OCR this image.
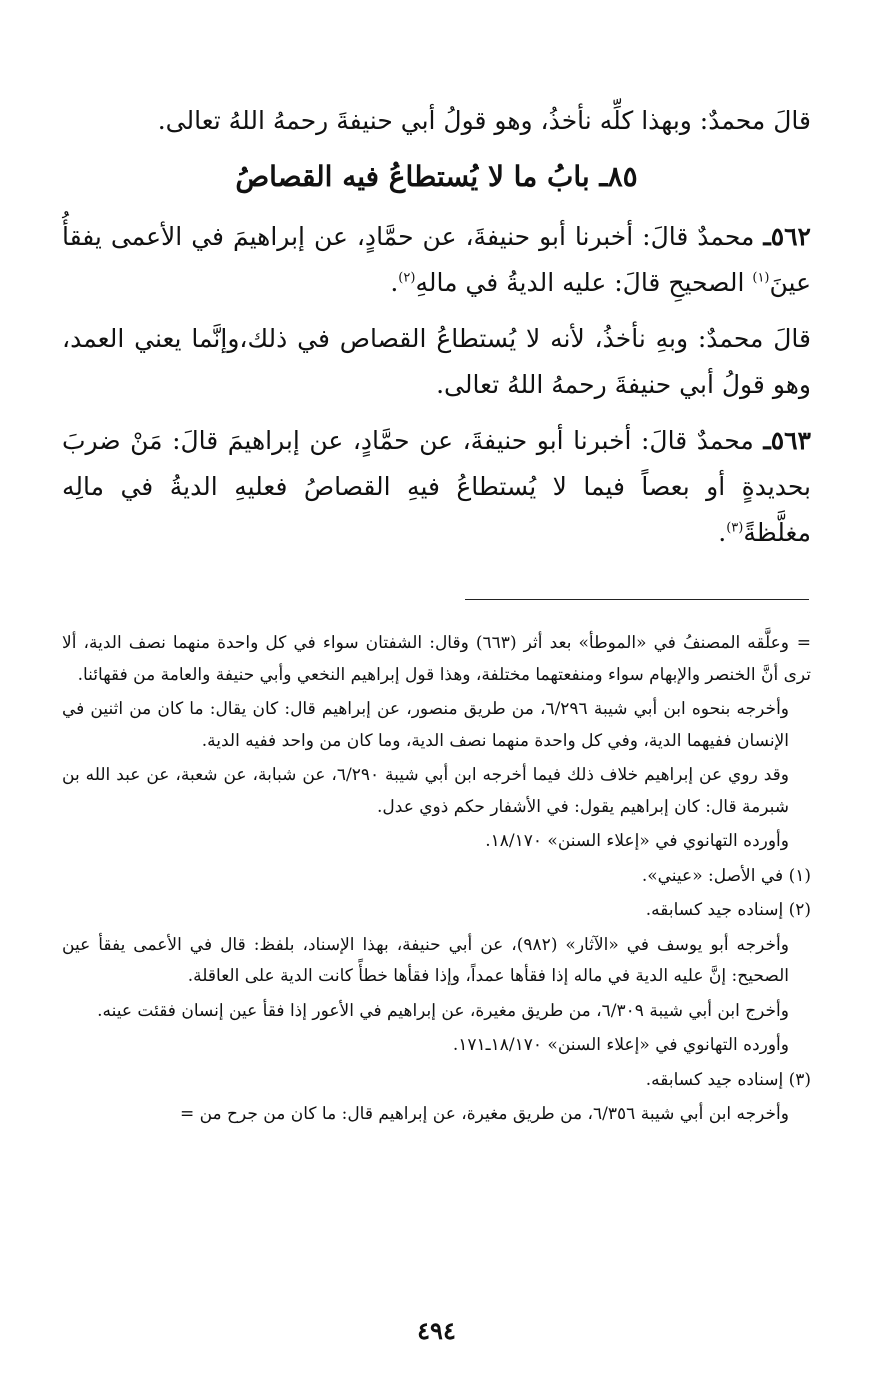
قالَ محمدٌ: وبهذا كلِّه نأخذُ، وهو قولُ أبي حنيفةَ رحمهُ اللهُ تعالى.

٨٥ـ بابُ ما لا يُستطاعُ فيه القصاصُ

٥٦٢ـ محمدٌ قالَ: أخبرنا أبو حنيفةَ، عن حمَّادٍ، عن إبراهيمَ في الأعمى يفقأُ عينَ$^{(١)}$ الصحيحِ قالَ: عليه الديةُ في مالهِ$^{(٢)}$.

قالَ محمدٌ: وبهِ نأخذُ، لأنه لا يُستطاعُ القصاص في ذلك،وإنَّما يعني العمد، وهو قولُ أبي حنيفةَ رحمهُ اللهُ تعالى.

٥٦٣ـ محمدٌ قالَ: أخبرنا أبو حنيفةَ، عن حمَّادٍ، عن إبراهيمَ قالَ: مَنْ ضربَ بحديدةٍ أو بعصاً فيما لا يُستطاعُ فيهِ القصاصُ فعليهِ الديةُ في مالِه مغلَّظةً$^{(٣)}$.

=وعلَّقه المصنفُ في «الموطأ» بعد أثر (٦٦٣) وقال: الشفتان سواء في كل واحدة منهما نصف الدية، ألا ترى أنَّ الخنصر والإبهام سواء ومنفعتهما مختلفة، وهذا قول إبراهيم النخعي وأبي حنيفة والعامة من فقهائنا.

وأخرجه بنحوه ابن أبي شيبة ٦/٢٩٦، من طريق منصور، عن إبراهيم قال: كان يقال: ما كان من اثنين في الإنسان ففيهما الدية، وفي كل واحدة منهما نصف الدية، وما كان من واحد ففيه الدية.

وقد روي عن إبراهيم خلاف ذلك فيما أخرجه ابن أبي شيبة ٦/٢٩٠، عن شبابة، عن شعبة، عن عبد الله بن شبرمة قال: كان إبراهيم يقول: في الأشفار حكم ذوي عدل.

وأورده التهانوي في «إعلاء السنن» ١٨/١٧٠.

(١) في الأصل: «عيني».

(٢) إسناده جيد كسابقه.

وأخرجه أبو يوسف في «الآثار» (٩٨٢)، عن أبي حنيفة، بهذا الإسناد، بلفظ: قال في الأعمى يفقأ عين الصحيح: إنَّ عليه الدية في ماله إذا فقأها عمداً، وإذا فقأها خطأً كانت الدية على العاقلة.

وأخرج ابن أبي شيبة ٦/٣٠٩، من طريق مغيرة، عن إبراهيم في الأعور إذا فقأ عين إنسان فقئت عينه.

وأورده التهانوي في «إعلاء السنن» ١٨/١٧٠ـ١٧١.

(٣) إسناده جيد كسابقه.

وأخرجه ابن أبي شيبة ٦/٣٥٦، من طريق مغيرة، عن إبراهيم قال: ما كان من جرح من =

٤٩٤
